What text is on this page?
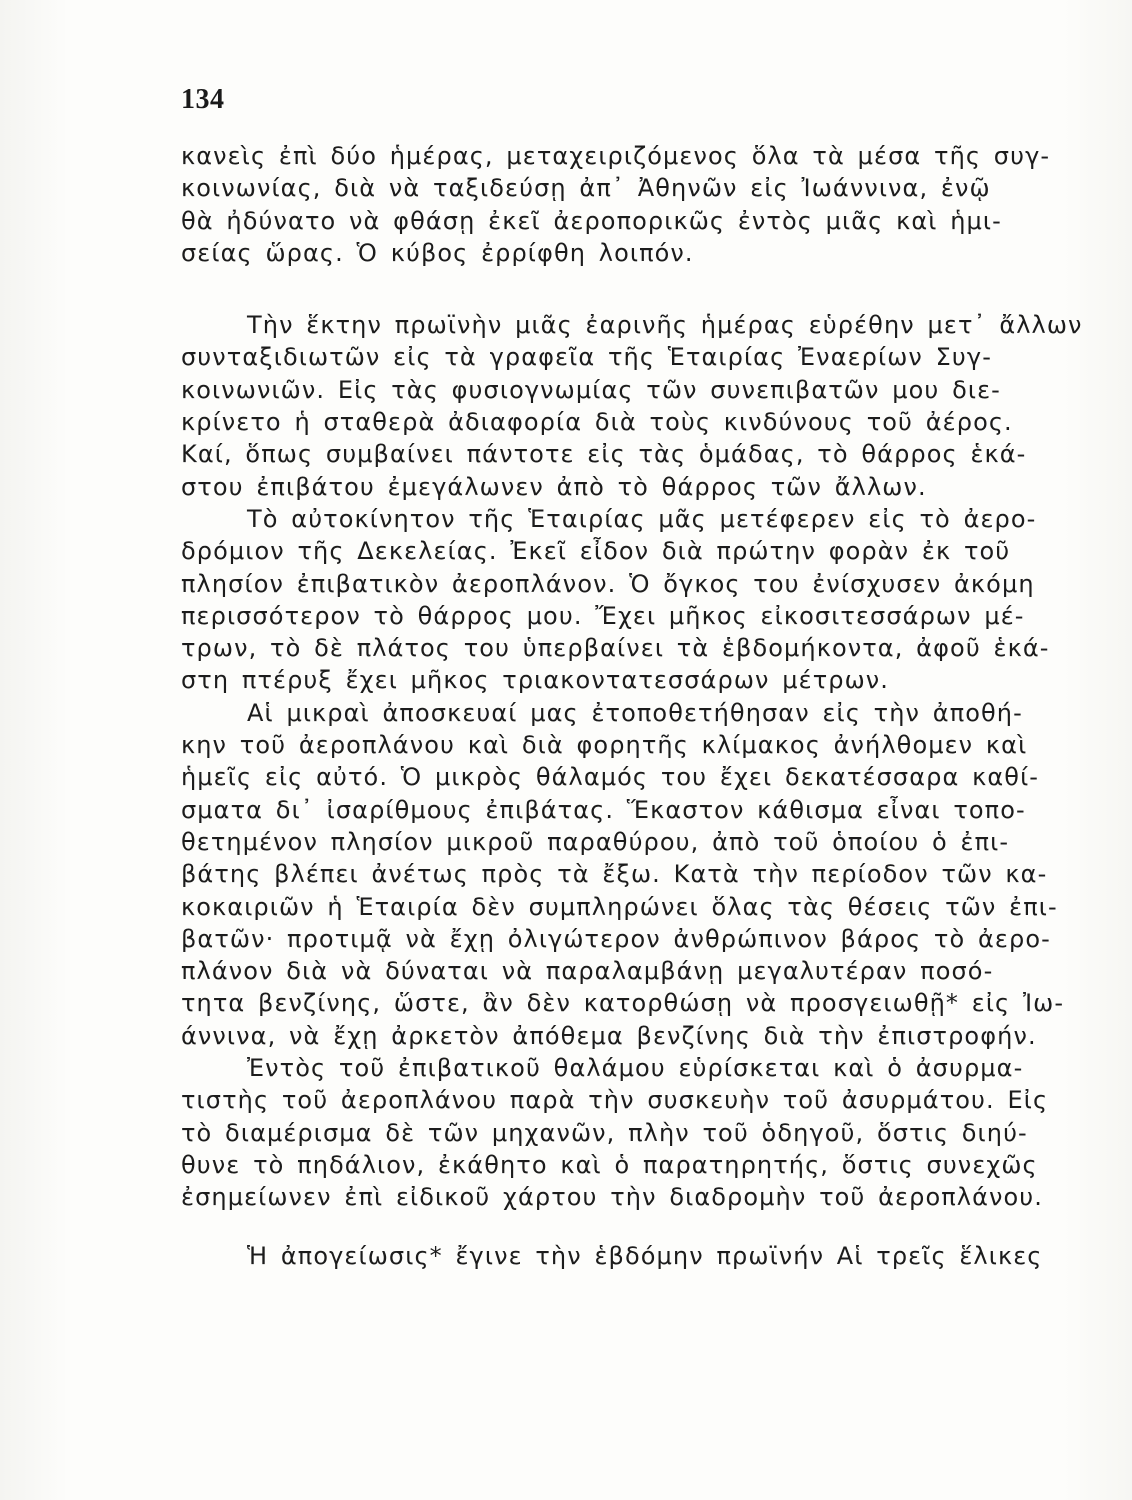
134
κανεὶς ἐπὶ δύο ἡμέρας, μεταχειριζόμενος ὅλα τὰ μέσα τῆς συγ-
κοινωνίας, διὰ νὰ ταξιδεύσῃ ἀπ᾽ Ἀθηνῶν εἰς Ἰωάννινα, ἐνῷ
θὰ ἠδύνατο νὰ φθάσῃ ἐκεῖ ἀεροπορικῶς ἐντὸς μιᾶς καὶ ἡμι-
σείας ὥρας. Ὁ κύβος ἐρρίφθη λοιπόν.
Τὴν ἕκτην πρωϊνὴν μιᾶς ἐαρινῆς ἡμέρας εὑρέθην μετ᾽ ἄλλων
συνταξιδιωτῶν εἰς τὰ γραφεῖα τῆς Ἑταιρίας Ἐναερίων Συγ-
κοινωνιῶν. Εἰς τὰς φυσιογνωμίας τῶν συνεπιβατῶν μου διε-
κρίνετο ἡ σταθερὰ ἀδιαφορία διὰ τοὺς κινδύνους τοῦ ἀέρος.
Καί, ὅπως συμβαίνει πάντοτε εἰς τὰς ὁμάδας, τὸ θάρρος ἑκά-
στου ἐπιβάτου ἐμεγάλωνεν ἀπὸ τὸ θάρρος τῶν ἄλλων.
Τὸ αὐτοκίνητον τῆς Ἑταιρίας μᾶς μετέφερεν εἰς τὸ ἀερο-
δρόμιον τῆς Δεκελείας. Ἐκεῖ εἶδον διὰ πρώτην φορὰν ἐκ τοῦ
πλησίον ἐπιβατικὸν ἀεροπλάνον. Ὁ ὄγκος του ἐνίσχυσεν ἀκόμη
περισσότερον τὸ θάρρος μου. Ἔχει μῆκος εἰκοσιτεσσάρων μέ-
τρων, τὸ δὲ πλάτος του ὑπερβαίνει τὰ ἑβδομήκοντα, ἀφοῦ ἑκά-
στη πτέρυξ ἔχει μῆκος τριακοντατεσσάρων μέτρων.
Αἱ μικραὶ ἀποσκευαί μας ἐτοποθετήθησαν εἰς τὴν ἀποθή-
κην τοῦ ἀεροπλάνου καὶ διὰ φορητῆς κλίμακος ἀνήλθομεν καὶ
ἡμεῖς εἰς αὐτό. Ὁ μικρὸς θάλαμός του ἔχει δεκατέσσαρα καθί-
σματα δι᾽ ἰσαρίθμους ἐπιβάτας. Ἕκαστον κάθισμα εἶναι τοπο-
θετημένον πλησίον μικροῦ παραθύρου, ἀπὸ τοῦ ὁποίου ὁ ἐπι-
βάτης βλέπει ἀνέτως πρὸς τὰ ἔξω. Κατὰ τὴν περίοδον τῶν κα-
κοκαιριῶν ἡ Ἑταιρία δὲν συμπληρώνει ὅλας τὰς θέσεις τῶν ἐπι-
βατῶν· προτιμᾷ νὰ ἔχῃ ὀλιγώτερον ἀνθρώπινον βάρος τὸ ἀερο-
πλάνον διὰ νὰ δύναται νὰ παραλαμβάνῃ μεγαλυτέραν ποσό-
τητα βενζίνης, ὥστε, ἂν δὲν κατορθώσῃ νὰ προσγειωθῇ* εἰς Ἰω-
άννινα, νὰ ἔχῃ ἀρκετὸν ἀπόθεμα βενζίνης διὰ τὴν ἐπιστροφήν.
Ἐντὸς τοῦ ἐπιβατικοῦ θαλάμου εὑρίσκεται καὶ ὁ ἀσυρμα-
τιστὴς τοῦ ἀεροπλάνου παρὰ τὴν συσκευὴν τοῦ ἀσυρμάτου. Εἰς
τὸ διαμέρισμα δὲ τῶν μηχανῶν, πλὴν τοῦ ὁδηγοῦ, ὅστις διηύ-
θυνε τὸ πηδάλιον, ἐκάθητο καὶ ὁ παρατηρητής, ὅστις συνεχῶς
ἐσημείωνεν ἐπὶ εἰδικοῦ χάρτου τὴν διαδρομὴν τοῦ ἀεροπλάνου.
Ἡ ἀπογείωσις* ἔγινε τὴν ἑβδόμην πρωϊνήν Αἱ τρεῖς ἕλικες
